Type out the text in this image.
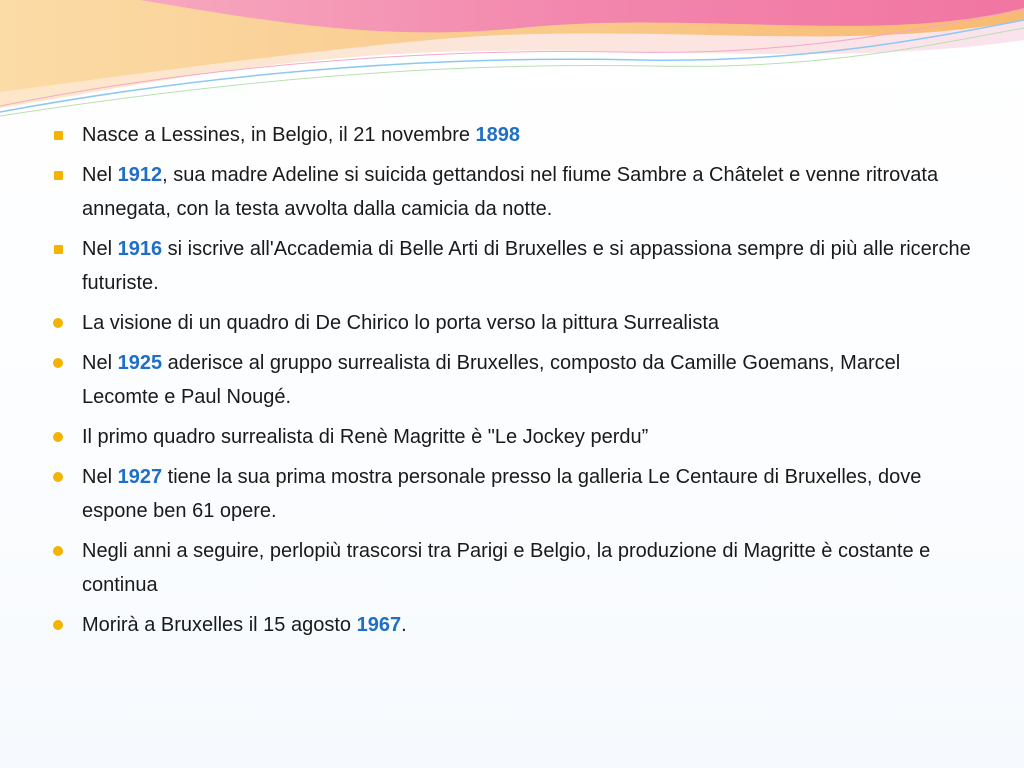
Nasce a Lessines, in Belgio, il 21 novembre 1898
Nel 1912, sua madre Adeline si suicida gettandosi nel fiume Sambre a Châtelet e venne ritrovata annegata, con la testa avvolta dalla camicia da notte.
Nel 1916 si iscrive all'Accademia di Belle Arti di Bruxelles e si appassiona sempre di più alle ricerche futuriste.
La visione di un quadro di De Chirico lo porta verso la pittura Surrealista
Nel 1925 aderisce al gruppo surrealista di Bruxelles, composto da Camille Goemans, Marcel Lecomte e Paul Nougé.
Il primo quadro surrealista di Renè Magritte è "Le Jockey perdu”
Nel 1927 tiene la sua prima mostra personale presso la galleria Le Centaure di Bruxelles, dove espone ben 61 opere.
Negli anni a seguire, perlopiù trascorsi tra Parigi e Belgio, la produzione di Magritte è costante e continua
Morirà a Bruxelles il 15 agosto 1967.
